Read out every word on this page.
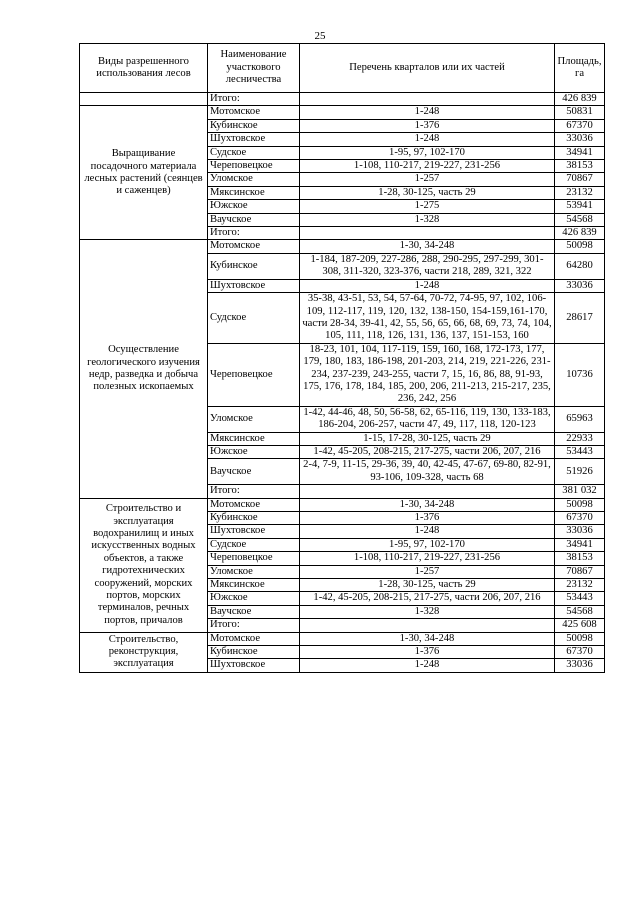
25
Виды разрешенного использования лесов	Наименование участкового лесничества	Перечень кварталов или их частей	Площадь, га
	Итого:		426 839
Выращивание посадочного материала лесных растений (сеянцев и саженцев)	Мотомское	1-248	50831
	Кубинское	1-376	67370
	Шухтовское	1-248	33036
	Судское	1-95, 97, 102-170	34941
	Череповецкое	1-108, 110-217, 219-227, 231-256	38153
	Уломское	1-257	70867
	Мяксинское	1-28, 30-125, часть 29	23132
	Южское	1-275	53941
	Ваучское	1-328	54568
	Итого:		426 839
Осуществление геологического изучения недр, разведка и добыча полезных ископаемых	Мотомское	1-30, 34-248	50098
	Кубинское	1-184, 187-209, 227-286, 288, 290-295, 297-299, 301-308, 311-320, 323-376, части 218, 289, 321, 322	64280
	Шухтовское	1-248	33036
	Судское	35-38, 43-51, 53, 54, 57-64, 70-72, 74-95, 97, 102, 106-109, 112-117, 119, 120, 132, 138-150, 154-159,161-170, части 28-34, 39-41, 42, 55, 56, 65, 66, 68, 69, 73, 74, 104, 105, 111, 118, 126, 131, 136, 137, 151-153, 160	28617
	Череповецкое	18-23, 101, 104, 117-119, 159, 160, 168, 172-173, 177, 179, 180, 183, 186-198, 201-203, 214, 219, 221-226, 231-234, 237-239, 243-255, части 7, 15, 16, 86, 88, 91-93, 175, 176, 178, 184, 185, 200, 206, 211-213, 215-217, 235, 236, 242, 256	10736
	Уломское	1-42, 44-46, 48, 50, 56-58, 62, 65-116, 119, 130, 133-183, 186-204, 206-257, части 47, 49, 117, 118, 120-123	65963
	Мяксинское	1-15, 17-28, 30-125, часть 29	22933
	Южское	1-42, 45-205, 208-215, 217-275, части 206, 207, 216	53443
	Ваучское	2-4, 7-9, 11-15, 29-36, 39, 40, 42-45, 47-67, 69-80, 82-91, 93-106, 109-328, часть 68	51926
	Итого:		381 032
Строительство и эксплуатация водохранилищ и иных искусственных водных объектов, а также гидротехнических сооружений, морских портов, морских терминалов, речных портов, причалов	Мотомское	1-30, 34-248	50098
	Кубинское	1-376	67370
	Шухтовское	1-248	33036
	Судское	1-95, 97, 102-170	34941
	Череповецкое	1-108, 110-217, 219-227, 231-256	38153
	Уломское	1-257	70867
	Мяксинское	1-28, 30-125, часть 29	23132
	Южское	1-42, 45-205, 208-215, 217-275, части 206, 207, 216	53443
	Ваучское	1-328	54568
	Итого:		425 608
Строительство, реконструкция, эксплуатация	Мотомское	1-30, 34-248	50098
	Кубинское	1-376	67370
	Шухтовское	1-248	33036
